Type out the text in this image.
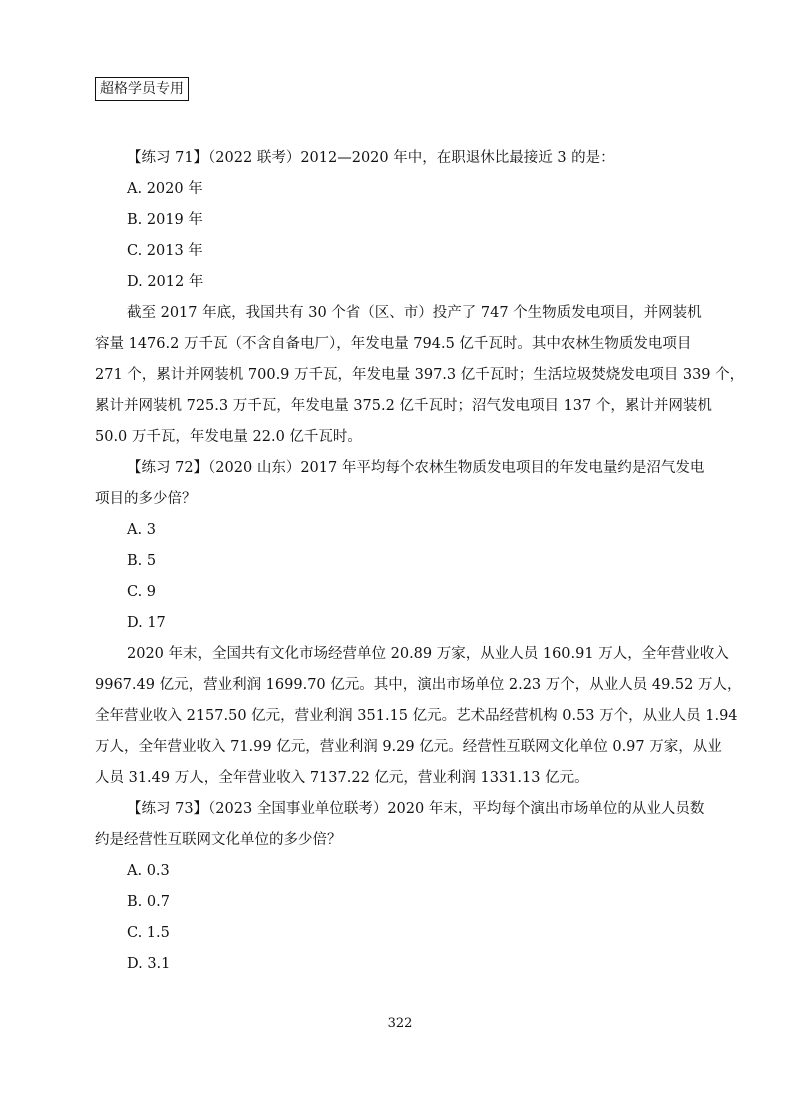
超格学员专用
【练习 71】（2022 联考）2012—2020 年中，在职退休比最接近 3 的是：
A. 2020 年
B. 2019 年
C. 2013 年
D. 2012 年
截至 2017 年底，我国共有 30 个省（区、市）投产了 747 个生物质发电项目，并网装机
容量 1476.2 万千瓦（不含自备电厂），年发电量 794.5 亿千瓦时。其中农林生物质发电项目
271 个，累计并网装机 700.9 万千瓦，年发电量 397.3 亿千瓦时；生活垃圾焚烧发电项目 339 个，
累计并网装机 725.3 万千瓦，年发电量 375.2 亿千瓦时；沼气发电项目 137 个，累计并网装机
50.0 万千瓦，年发电量 22.0 亿千瓦时。
【练习 72】（2020 山东）2017 年平均每个农林生物质发电项目的年发电量约是沼气发电
项目的多少倍？
A. 3
B. 5
C. 9
D. 17
2020 年末，全国共有文化市场经营单位 20.89 万家，从业人员 160.91 万人，全年营业收入
9967.49 亿元，营业利润 1699.70 亿元。其中，演出市场单位 2.23 万个，从业人员 49.52 万人，
全年营业收入 2157.50 亿元，营业利润 351.15 亿元。艺术品经营机构 0.53 万个，从业人员 1.94
万人，全年营业收入 71.99 亿元，营业利润 9.29 亿元。经营性互联网文化单位 0.97 万家，从业
人员 31.49 万人，全年营业收入 7137.22 亿元，营业利润 1331.13 亿元。
【练习 73】（2023 全国事业单位联考）2020 年末，平均每个演出市场单位的从业人员数
约是经营性互联网文化单位的多少倍？
A. 0.3
B. 0.7
C. 1.5
D. 3.1
322
